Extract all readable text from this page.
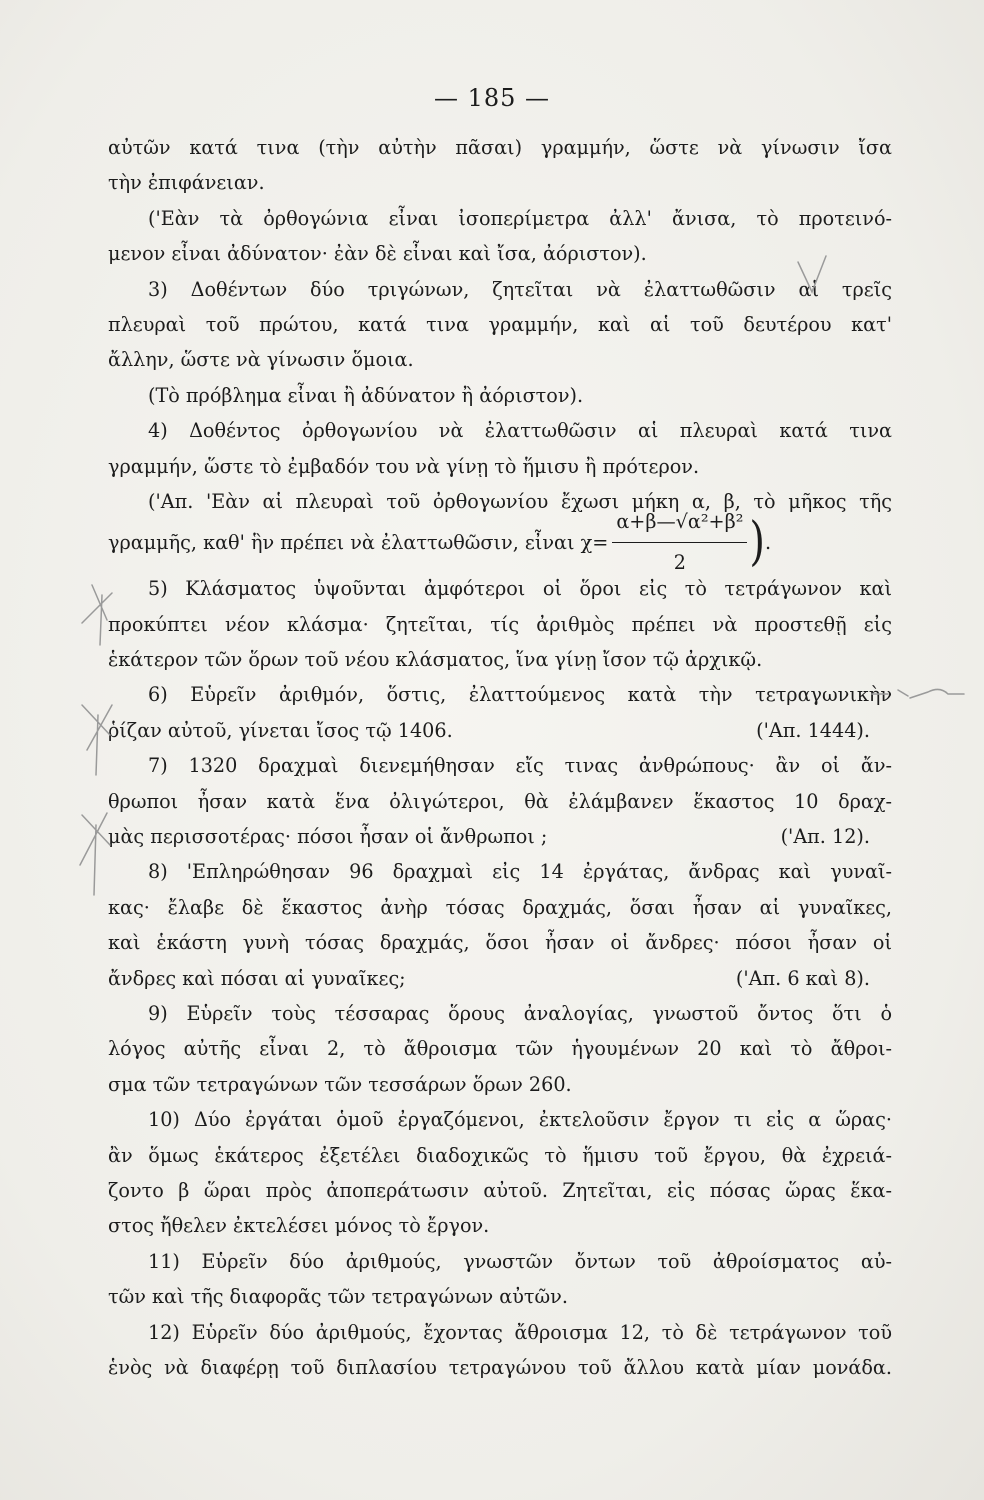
— 185 —
αὐτῶν κατά τινα (τὴν αὐτὴν πᾶσαι) γραμμήν, ὥστε νὰ γίνωσιν ἴσα
τὴν ἐπιφάνειαν.
('Εὰν τὰ ὀρθογώνια εἶναι ἰσοπερίμετρα ἀλλ' ἄνισα, τὸ προτεινό-
μενον εἶναι ἀδύνατον· ἐὰν δὲ εἶναι καὶ ἴσα, ἀόριστον).
3) Δοθέντων δύο τριγώνων, ζητεῖται νὰ ἐλαττωθῶσιν αἱ τρεῖς
πλευραὶ τοῦ πρώτου, κατά τινα γραμμήν, καὶ αἱ τοῦ δευτέρου κατ'
ἄλλην, ὥστε νὰ γίνωσιν ὅμοια.
(Τὸ πρόβλημα εἶναι ἢ ἀδύνατον ἢ ἀόριστον).
4) Δοθέντος ὀρθογωνίου νὰ ἐλαττωθῶσιν αἱ πλευραὶ κατά τινα
γραμμήν, ὥστε τὸ ἐμβαδόν του νὰ γίνῃ τὸ ἥμισυ ἢ πρότερον.
('Απ. 'Εὰν αἱ πλευραὶ τοῦ ὀρθογωνίου ἔχωσι μήκη α, β, τὸ μῆκος τῆς
γραμμῆς, καθ' ἣν πρέπει νὰ ἐλαττωθῶσιν, εἶναι $\chi= \frac{\text{α+β—√α²+β²}}{2}$ ) .
5) Κλάσματος ὑψοῦνται ἀμφότεροι οἱ ὅροι εἰς τὸ τετράγωνον καὶ
προκύπτει νέον κλάσμα· ζητεῖται, τίς ἀριθμὸς πρέπει νὰ προστεθῇ εἰς
ἑκάτερον τῶν ὅρων τοῦ νέου κλάσματος, ἵνα γίνῃ ἴσον τῷ ἀρχικῷ.
6) Εὑρεῖν ἀριθμόν, ὅστις, ἐλαττούμενος κατὰ τὴν τετραγωνικὴν
ῥίζαν αὐτοῦ, γίνεται ἴσος τῷ 1406.	('Απ. 1444).
7) 1320 δραχμαὶ διενεμήθησαν εἴς τινας ἀνθρώπους· ἂν οἱ ἄν-
θρωποι ἦσαν κατὰ ἕνα ὀλιγώτεροι, θὰ ἐλάμβανεν ἕκαστος 10 δραχ-
μὰς περισσοτέρας· πόσοι ἦσαν οἱ ἄνθρωποι ;	('Απ. 12).
8) 'Επληρώθησαν 96 δραχμαὶ εἰς 14 ἐργάτας, ἄνδρας καὶ γυναῖ-
κας· ἔλαβε δὲ ἕκαστος ἀνὴρ τόσας δραχμάς, ὅσαι ἦσαν αἱ γυναῖκες,
καὶ ἑκάστη γυνὴ τόσας δραχμάς, ὅσοι ἦσαν οἱ ἄνδρες· πόσοι ἦσαν οἱ
ἄνδρες καὶ πόσαι αἱ γυναῖκες;	('Απ. 6 καὶ 8).
9) Εὑρεῖν τοὺς τέσσαρας ὅρους ἀναλογίας, γνωστοῦ ὄντος ὅτι ὁ
λόγος αὐτῆς εἶναι 2, τὸ ἄθροισμα τῶν ἡγουμένων 20 καὶ τὸ ἄθροι-
σμα τῶν τετραγώνων τῶν τεσσάρων ὅρων 260.
10) Δύο ἐργάται ὁμοῦ ἐργαζόμενοι, ἐκτελοῦσιν ἔργον τι εἰς α ὥρας·
ἂν ὅμως ἑκάτερος ἐξετέλει διαδοχικῶς τὸ ἥμισυ τοῦ ἔργου, θὰ ἐχρειά-
ζοντο β ὥραι πρὸς ἀποπεράτωσιν αὐτοῦ. Ζητεῖται, εἰς πόσας ὥρας ἕκα-
στος ἤθελεν ἐκτελέσει μόνος τὸ ἔργον.
11) Εὑρεῖν δύο ἀριθμούς, γνωστῶν ὄντων τοῦ ἀθροίσματος αὐ-
τῶν καὶ τῆς διαφορᾶς τῶν τετραγώνων αὐτῶν.
12) Εὑρεῖν δύο ἀριθμούς, ἔχοντας ἄθροισμα 12, τὸ δὲ τετράγωνον τοῦ
ἑνὸς νὰ διαφέρῃ τοῦ διπλασίου τετραγώνου τοῦ ἄλλου κατὰ μίαν μονάδα.
